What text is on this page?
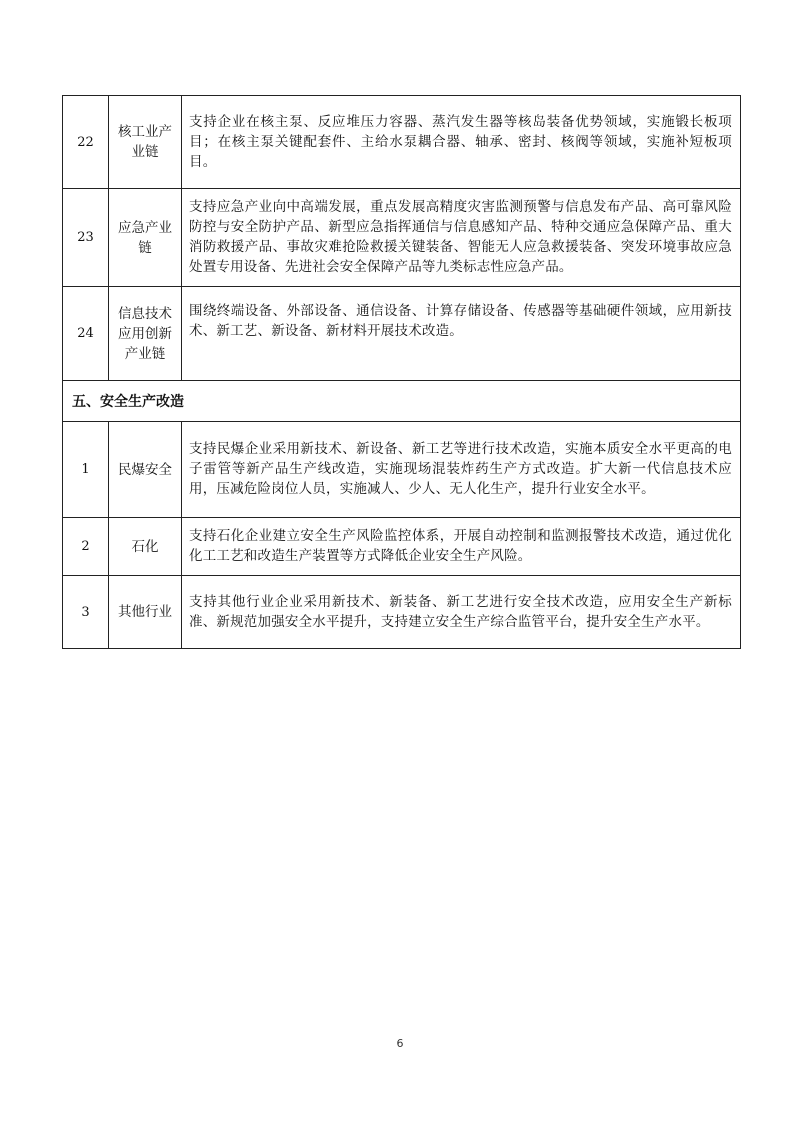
22	核工业产业链	支持企业在核主泵、反应堆压力容器、蒸汽发生器等核岛装备优势领域，实施锻长板项目；在核主泵关键配套件、主给水泵耦合器、轴承、密封、核阀等领域，实施补短板项目。
23	应急产业链	支持应急产业向中高端发展，重点发展高精度灾害监测预警与信息发布产品、高可靠风险防控与安全防护产品、新型应急指挥通信与信息感知产品、特种交通应急保障产品、重大消防救援产品、事故灾难抢险救援关键装备、智能无人应急救援装备、突发环境事故应急处置专用设备、先进社会安全保障产品等九类标志性应急产品。
24	信息技术应用创新产业链	围绕终端设备、外部设备、通信设备、计算存储设备、传感器等基础硬件领域，应用新技术、新工艺、新设备、新材料开展技术改造。
五、安全生产改造		
1	民爆安全	支持民爆企业采用新技术、新设备、新工艺等进行技术改造，实施本质安全水平更高的电子雷管等新产品生产线改造，实施现场混装炸药生产方式改造。扩大新一代信息技术应用，压减危险岗位人员，实施减人、少人、无人化生产，提升行业安全水平。
2	石化	支持石化企业建立安全生产风险监控体系，开展自动控制和监测报警技术改造，通过优化化工工艺和改造生产装置等方式降低企业安全生产风险。
3	其他行业	支持其他行业企业采用新技术、新装备、新工艺进行安全技术改造，应用安全生产新标准、新规范加强安全水平提升，支持建立安全生产综合监管平台，提升安全生产水平。
6
